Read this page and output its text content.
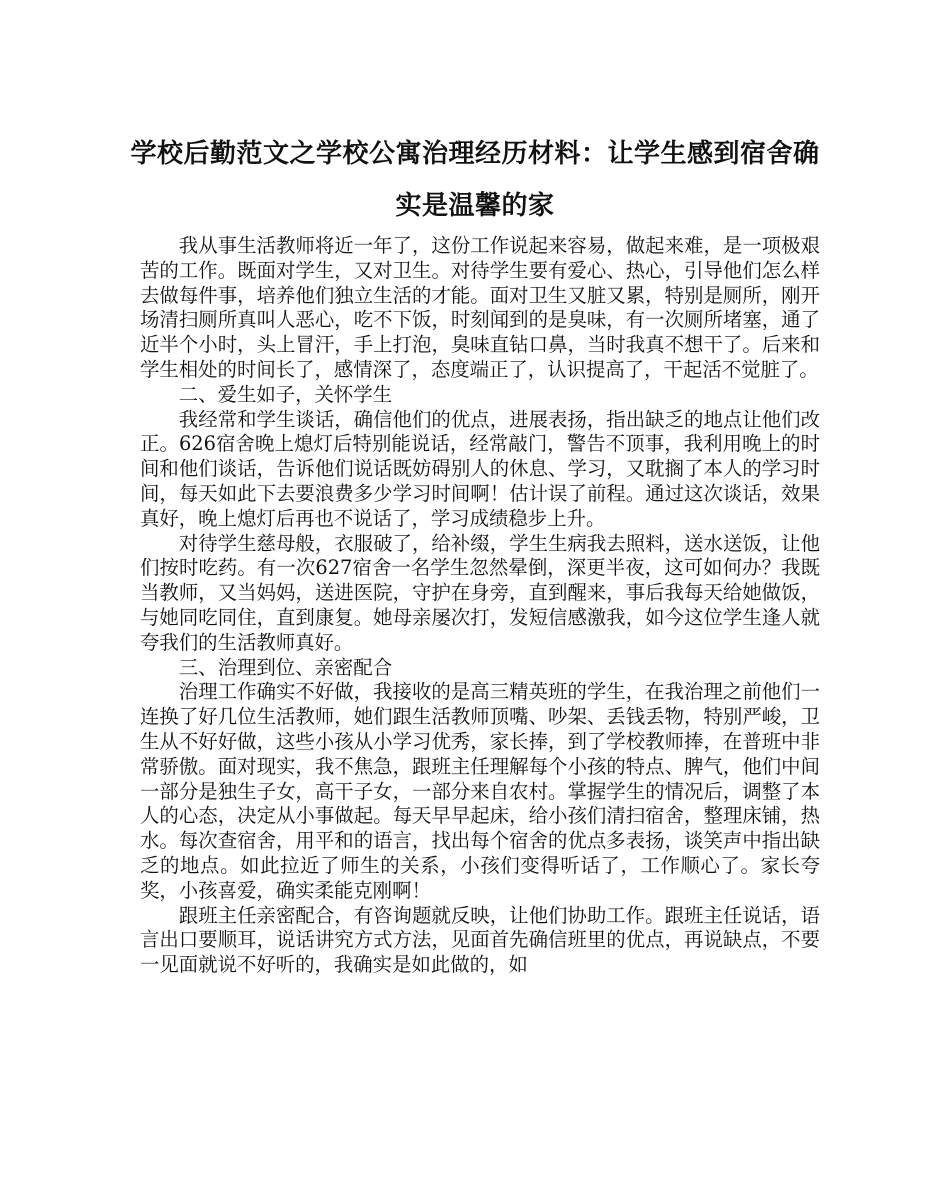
学校后勤范文之学校公寓治理经历材料：让学生感到宿舍确实是温馨的家

我从事生活教师将近一年了，这份工作说起来容易，做起来难，是一项极艰苦的工作。既面对学生，又对卫生。对待学生要有爱心、热心，引导他们怎么样去做每件事，培养他们独立生活的才能。面对卫生又脏又累，特别是厕所，刚开场清扫厕所真叫人恶心，吃不下饭，时刻闻到的是臭味，有一次厕所堵塞，通了近半个小时，头上冒汗，手上打泡，臭味直钻口鼻，当时我真不想干了。后来和学生相处的时间长了，感情深了，态度端正了，认识提高了，干起活不觉脏了。

二、爱生如子，关怀学生

我经常和学生谈话，确信他们的优点，进展表扬，指出缺乏的地点让他们改正。626宿舍晚上熄灯后特别能说话，经常敲门，警告不顶事，我利用晚上的时间和他们谈话，告诉他们说话既妨碍别人的休息、学习，又耽搁了本人的学习时间，每天如此下去要浪费多少学习时间啊！估计误了前程。通过这次谈话，效果真好，晚上熄灯后再也不说话了，学习成绩稳步上升。

对待学生慈母般，衣服破了，给补缀，学生生病我去照料，送水送饭，让他们按时吃药。有一次627宿舍一名学生忽然晕倒，深更半夜，这可如何办？我既当教师，又当妈妈，送进医院，守护在身旁，直到醒来，事后我每天给她做饭，与她同吃同住，直到康复。她母亲屡次打，发短信感激我，如今这位学生逢人就夸我们的生活教师真好。

三、治理到位、亲密配合

治理工作确实不好做，我接收的是高三精英班的学生，在我治理之前他们一连换了好几位生活教师，她们跟生活教师顶嘴、吵架、丢钱丢物，特别严峻，卫生从不好好做，这些小孩从小学习优秀，家长捧，到了学校教师捧，在普班中非常骄傲。面对现实，我不焦急，跟班主任理解每个小孩的特点、脾气，他们中间一部分是独生子女，高干子女，一部分来自农村。掌握学生的情况后，调整了本人的心态，决定从小事做起。每天早早起床，给小孩们清扫宿舍，整理床铺，热水。每次查宿舍，用平和的语言，找出每个宿舍的优点多表扬，谈笑声中指出缺乏的地点。如此拉近了师生的关系，小孩们变得听话了，工作顺心了。家长夸奖，小孩喜爱，确实柔能克刚啊！

跟班主任亲密配合，有咨询题就反映，让他们协助工作。跟班主任说话，语言出口要顺耳，说话讲究方式方法，见面首先确信班里的优点，再说缺点，不要一见面就说不好听的，我确实是如此做的，如
